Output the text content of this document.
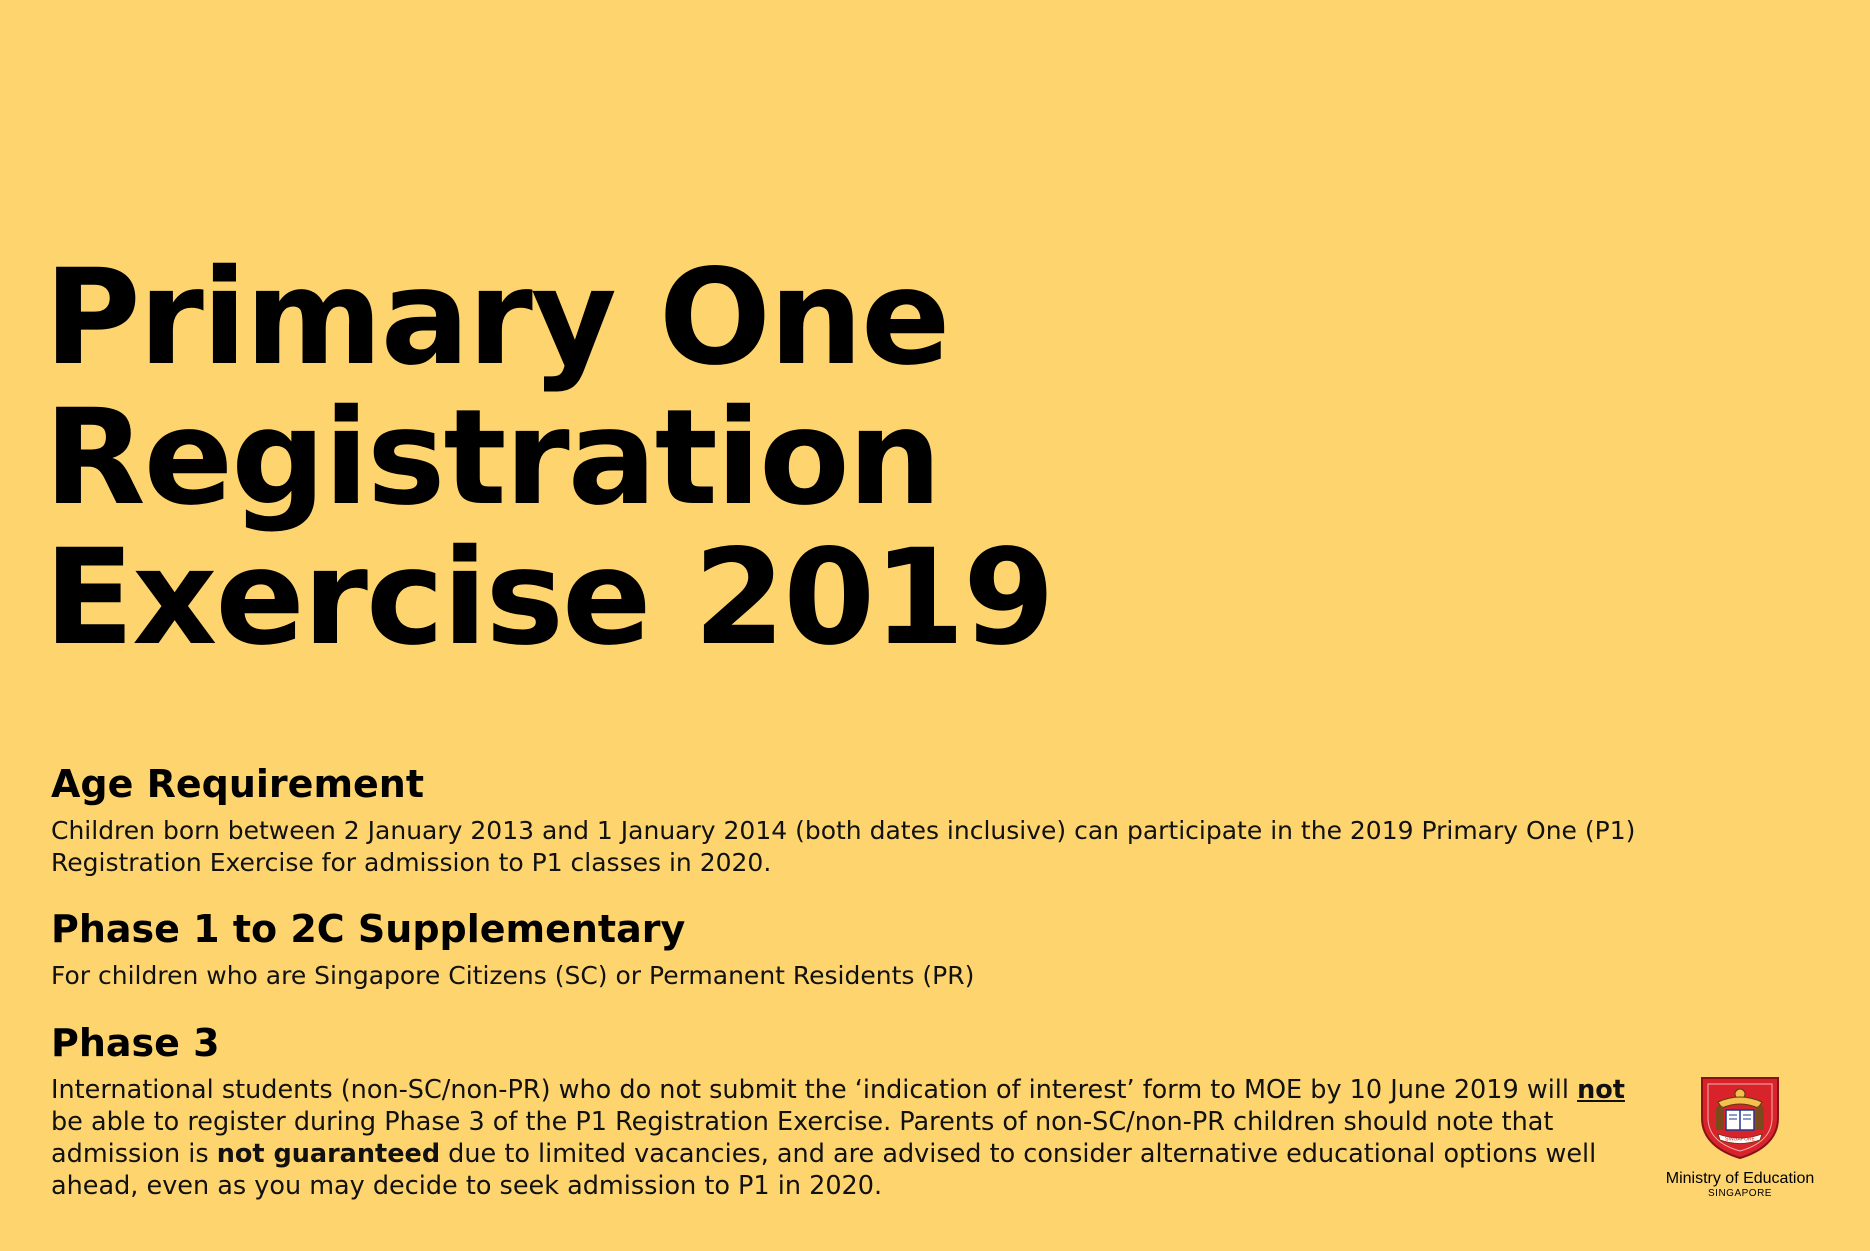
Primary One
Registration
Exercise 2019
Age Requirement

Children born between 2 January 2013 and 1 January 2014 (both dates inclusive) can participate in the 2019 Primary One (P1) Registration Exercise for admission to P1 classes in 2020.

Phase 1 to 2C Supplementary

For children who are Singapore Citizens (SC) or Permanent Residents (PR)

Phase 3

International students (non-SC/non-PR) who do not submit the ‘indication of interest’ form to MOE by 10 June 2019 will not be able to register during Phase 3 of the P1 Registration Exercise. Parents of non-SC/non-PR children should note that admission is not guaranteed due to limited vacancies, and are advised to consider alternative educational options well ahead, even as you may decide to seek admission to P1 in 2020.

SINGAPORE
Ministry of Education
SINGAPORE
